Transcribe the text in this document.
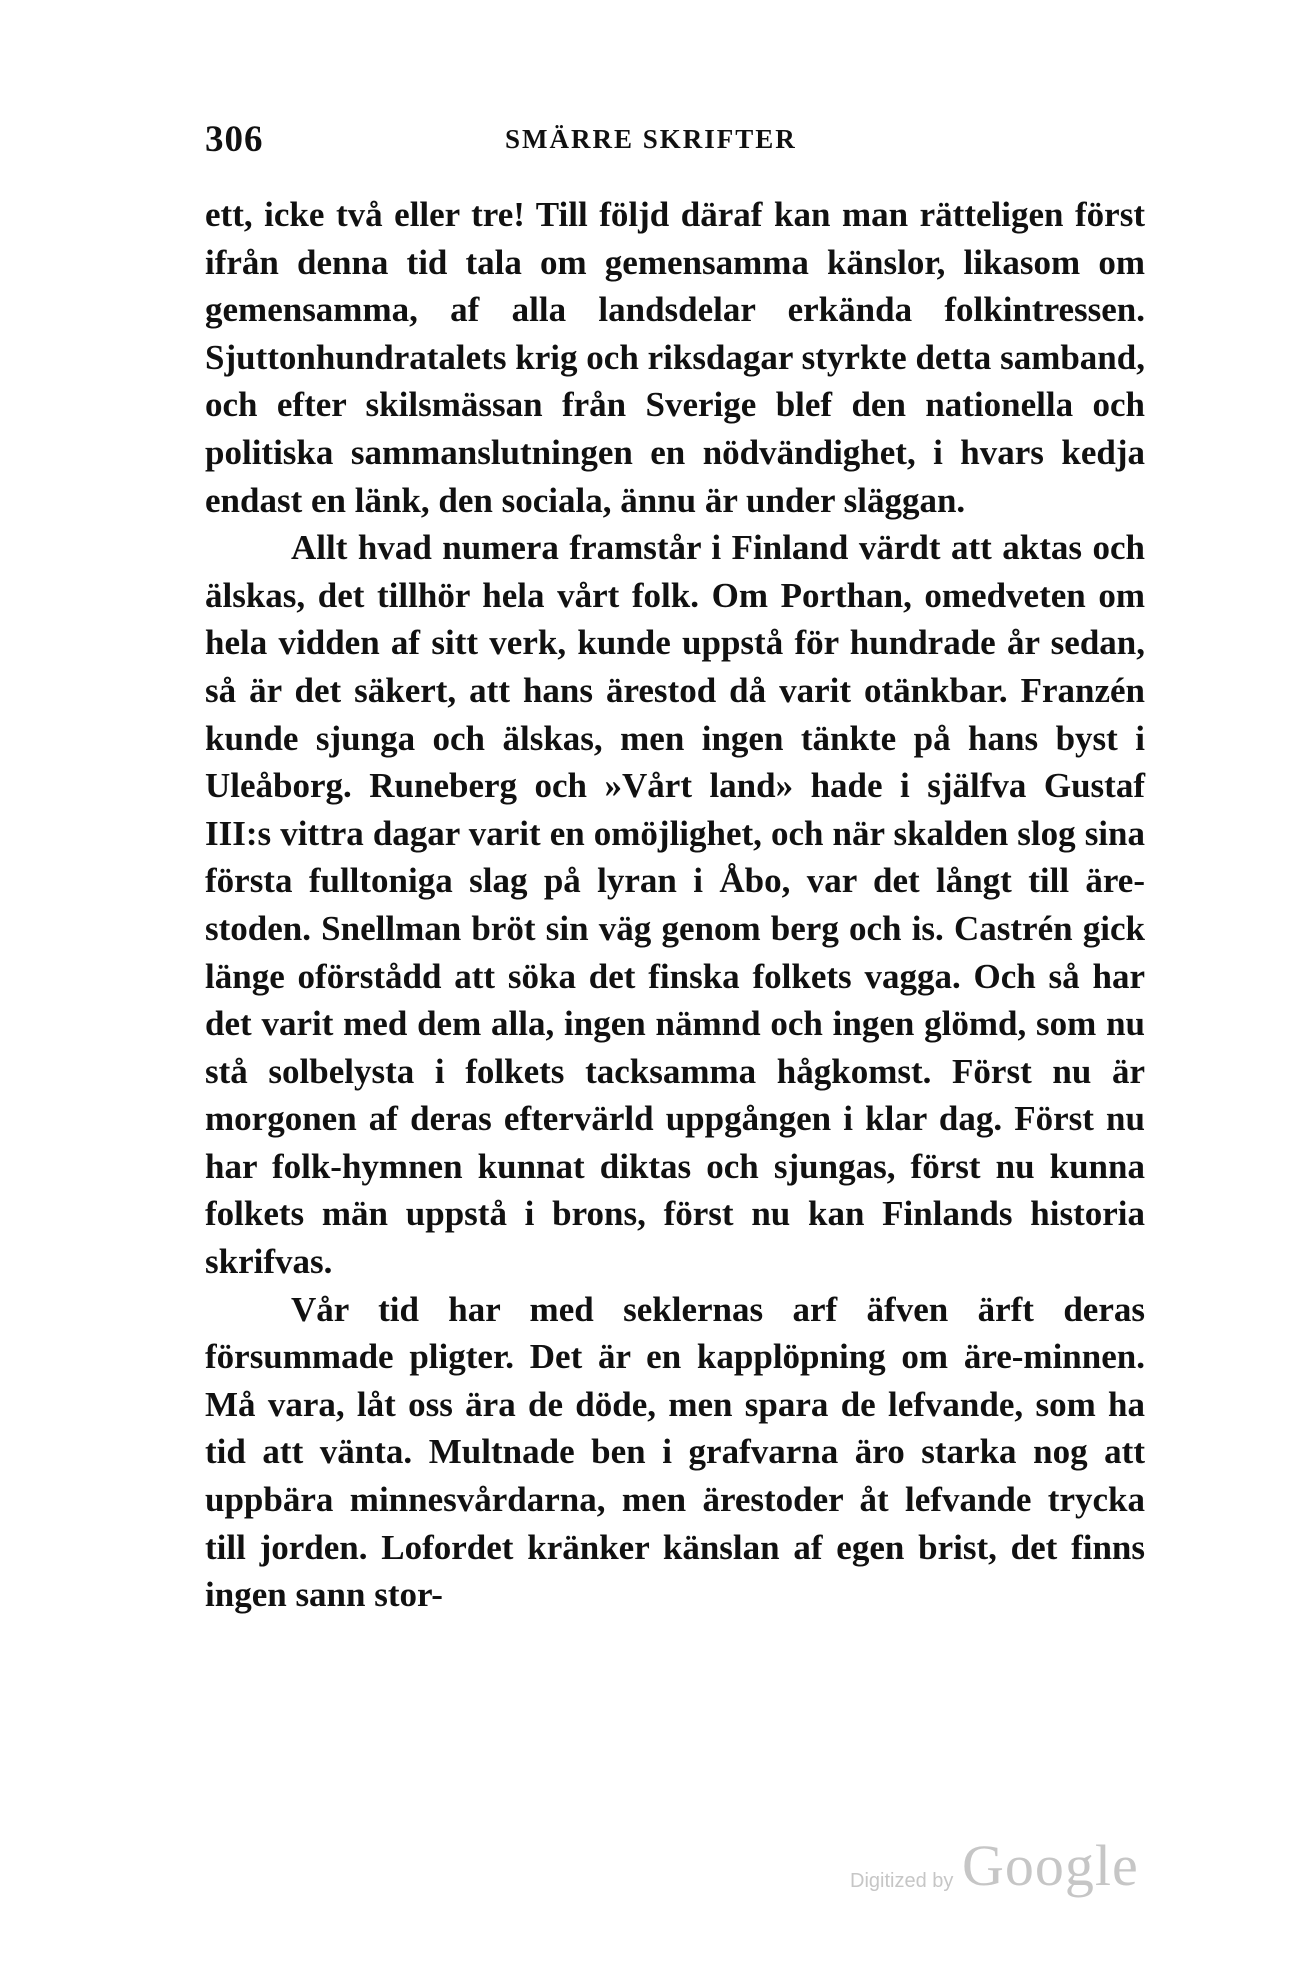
306	SMÄRRE SKRIFTER

ett, icke två eller tre! Till följd däraf kan man rätteligen först ifrån denna tid tala om gemensamma känslor, likasom om gemensamma, af alla landsdelar erkända folkintressen. Sjuttonhundratalets krig och riksdagar styrkte detta samband, och efter skilsmässan från Sverige blef den nationella och politiska sammanslutningen en nödvändighet, i hvars kedja endast en länk, den sociala, ännu är under släggan.

Allt hvad numera framstår i Finland värdt att aktas och älskas, det tillhör hela vårt folk. Om Porthan, omedveten om hela vidden af sitt verk, kunde uppstå för hundrade år sedan, så är det säkert, att hans ärestod då varit otänkbar. Franzén kunde sjunga och älskas, men ingen tänkte på hans byst i Uleåborg. Runeberg och »Vårt land» hade i själfva Gustaf III:s vittra dagar varit en omöjlighet, och när skalden slog sina första fulltoniga slag på lyran i Åbo, var det långt till äre-stoden. Snellman bröt sin väg genom berg och is. Castrén gick länge oförstådd att söka det finska folkets vagga. Och så har det varit med dem alla, ingen nämnd och ingen glömd, som nu stå solbelysta i folkets tacksamma hågkomst. Först nu är morgonen af deras eftervärld uppgången i klar dag. Först nu har folk-hymnen kunnat diktas och sjungas, först nu kunna folkets män uppstå i brons, först nu kan Finlands historia skrifvas.

Vår tid har med seklernas arf äfven ärft deras försummade pligter. Det är en kapplöpning om äre-minnen. Må vara, låt oss ära de döde, men spara de lefvande, som ha tid att vänta. Multnade ben i grafvarna äro starka nog att uppbära minnesvårdarna, men ärestoder åt lefvande trycka till jorden. Lofordet kränker känslan af egen brist, det finns ingen sann stor-

Digitized by Google
